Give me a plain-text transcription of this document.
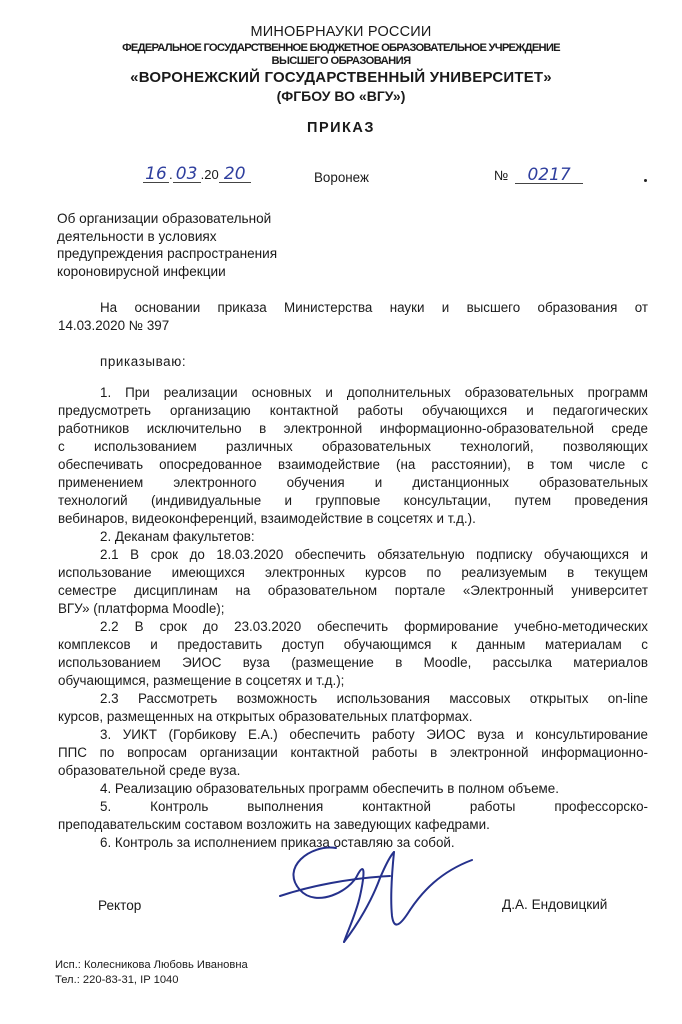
МИНОБРНАУКИ РОССИИ
ФЕДЕРАЛЬНОЕ ГОСУДАРСТВЕННОЕ БЮДЖЕТНОЕ ОБРАЗОВАТЕЛЬНОЕ УЧРЕЖДЕНИЕ
ВЫСШЕГО ОБРАЗОВАНИЯ
«ВОРОНЕЖСКИЙ ГОСУДАРСТВЕННЫЙ УНИВЕРСИТЕТ»
(ФГБОУ ВО «ВГУ»)
ПРИКАЗ
16 . 03 .20 20	Воронеж	№ 0217
Об организации образовательной
деятельности в условиях
предупреждения распространения
короновирусной инфекции
На основании приказа Министерства науки и высшего образования от
14.03.2020 № 397
приказываю:
1. При реализации основных и дополнительных образовательных программ
предусмотреть организацию контактной работы обучающихся и педагогических
работников исключительно в электронной информационно-образовательной среде
с использованием различных образовательных технологий, позволяющих
обеспечивать опосредованное взаимодействие (на расстоянии), в том числе с
применением электронного обучения и дистанционных образовательных
технологий (индивидуальные и групповые консультации, путем проведения
вебинаров, видеоконференций, взаимодействие в соцсетях и т.д.).
2. Деканам факультетов:
2.1 В срок до 18.03.2020 обеспечить обязательную подписку обучающихся и
использование имеющихся электронных курсов по реализуемым в текущем
семестре дисциплинам на образовательном портале «Электронный университет
ВГУ» (платформа Moodle);
2.2 В срок до 23.03.2020 обеспечить формирование учебно-методических
комплексов и предоставить доступ обучающимся к данным материалам с
использованием ЭИОС вуза (размещение в Moodle, рассылка материалов
обучающимся, размещение в соцсетях и т.д.);
2.3 Рассмотреть возможность использования массовых открытых on-line
курсов, размещенных на открытых образовательных платформах.
3. УИКТ (Горбикову Е.А.) обеспечить работу ЭИОС вуза и консультирование
ППС по вопросам организации контактной работы в электронной информационно-
образовательной среде вуза.
4. Реализацию образовательных программ обеспечить в полном объеме.
5. Контроль выполнения контактной работы профессорско-
преподавательским составом возложить на заведующих кафедрами.
6. Контроль за исполнением приказа оставляю за собой.
Ректор	Д.А. Ендовицкий
Исп.: Колесникова Любовь Ивановна
Тел.: 220-83-31, IP 1040
